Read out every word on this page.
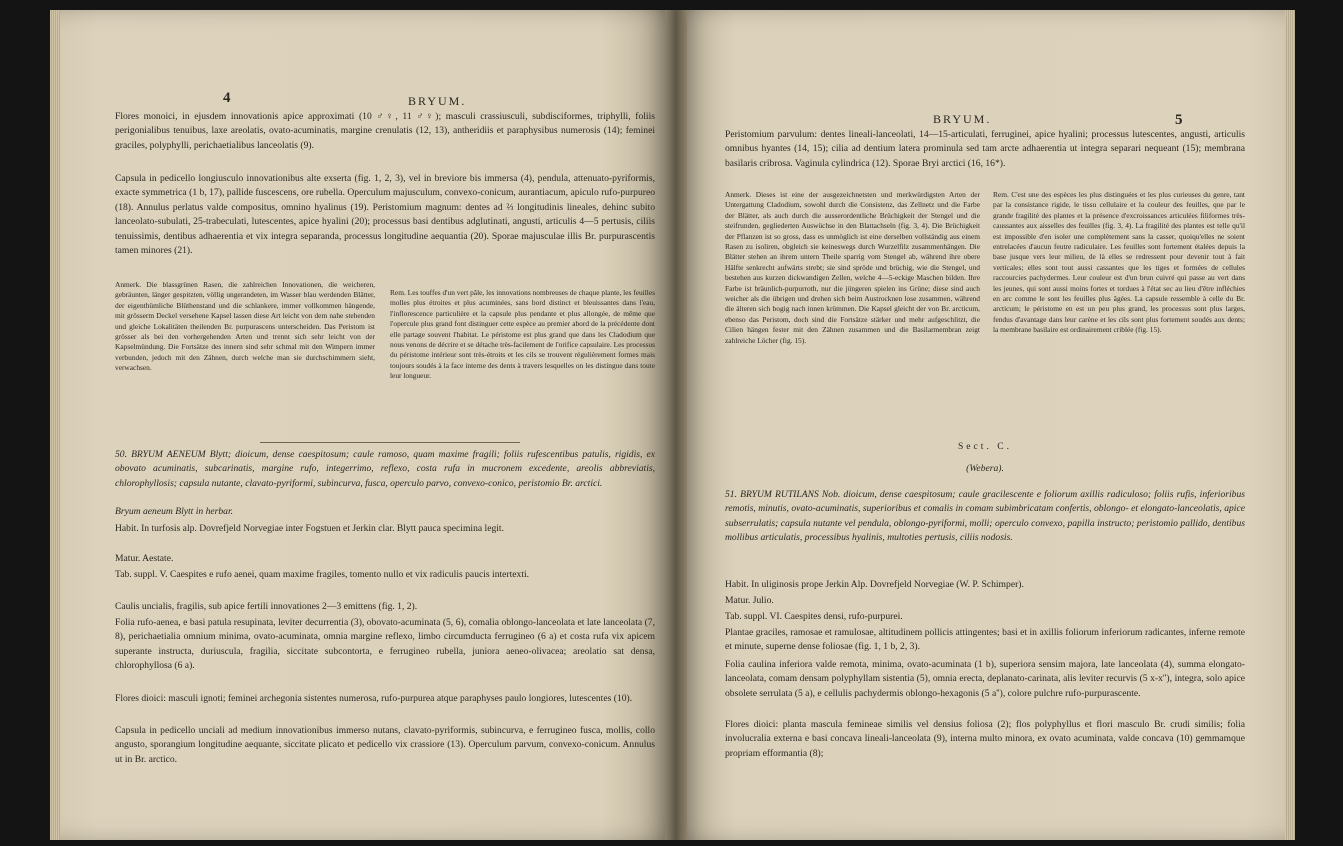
4	BRYUM.
Flores monoici, in ejusdem innovationis apice approximati (10 ♂♀, 11 ♂♀); masculi crassiusculi, subdisciformes, triphylli, foliis perigonialibus tenuibus, laxe areolatis, ovato-acuminatis, margine crenulatis (12, 13), antheridiis et paraphysibus numerosis (14); feminei graciles, polyphylli, perichaetialibus lanceolatis (9).
Capsula in pedicello longiusculo innovationibus alte exserta (fig. 1, 2, 3), vel in breviore bis immersa (4), pendula, attenuato-pyriformis, exacte symmetrica (1 b, 17), pallide fuscescens, ore rubella. Operculum majusculum, convexo-conicum, aurantiacum, apiculo rufo-purpureo (18). Annulus perlatus valde compositus, omnino hyalinus (19). Peristomium magnum: dentes ad ⅔ longitudinis lineales, dehinc subito lanceolato-subulati, 25-trabeculati, lutescentes, apice hyalini (20); processus basi dentibus adglutinati, angusti, articulis 4—5 pertusis, ciliis tenuissimis, dentibus adhaerentia et vix integra separanda, processus longitudine aequantia (20). Sporae majusculae illis Br. purpurascentis tamen minores (21).
Anmerk. Die blassgrünen Rasen, die zahlreichen Innovationen, die weicheren, gebräunten, länger gespitzten, völlig ungerandeten, im Wasser blau werdenden Blätter, der eigenthümliche Blüthenstand und die schlankere, immer vollkommen hängende, mit grösserm Deckel versehene Kapsel lassen diese Art leicht von dem nahe stehenden und gleiche Lokalitäten theilenden Br. purpurascens unterscheiden. Das Peristom ist grösser als bei den vorhergehenden Arten und trennt sich sehr leicht von der Kapselmündung. Die Fortsätze des innern sind sehr schmal mit den Wimpern immer verbunden, jedoch mit den Zähnen, durch welche man sie durchschimmern sieht, verwachsen.
Rem. Les touffes d'un vert pâle, les innovations nombreuses de chaque plante, les feuilles molles plus étroites et plus acuminées, sans bord distinct et bleuissantes dans l'eau, l'inflorescence particulière et la capsule plus pendante et plus allongée, de même que l'opercule plus grand font distinguer cette espèce au premier abord de la précédente dont elle partage souvent l'habitat. Le péristome est plus grand que dans les Cladodium que nous venons de décrire et se détache très-facilement de l'orifice capsulaire. Les processus du péristome intérieur sont très-étroits et les cils se trouvent régulièrement formes mais toujours soudés à la face interne des dents à travers lesquelles on les distingue dans toute leur longueur.
50. BRYUM AENEUM Blytt; dioicum, dense caespitosum; caule ramoso, quam maxime fragili; foliis rufescentibus patulis, rigidis, ex obovato acuminatis, subcarinatis, margine rufo, integerrimo, reflexo, costa rufa in mucronem excedente, areolis abbreviatis, chlorophyllosis; capsula nutante, clavato-pyriformi, subincurva, fusca, operculo parvo, convexo-conico, peristomio Br. arctici.
Bryum aeneum Blytt in herbar.
Habit. In turfosis alp. Dovrefjeld Norvegiae inter Fogstuen et Jerkin clar. Blytt pauca specimina legit.
Matur. Aestate.
Tab. suppl. V. Caespites e rufo aenei, quam maxime fragiles, tomento nullo et vix radiculis paucis intertexti.
Caulis uncialis, fragilis, sub apice fertili innovationes 2—3 emittens (fig. 1, 2).
Folia rufo-aenea, e basi patula resupinata, leviter decurrentia (3), obovato-acuminata (5, 6), comalia oblongo-lanceolata et late lanceolata (7, 8), perichaetialia omnium minima, ovato-acuminata, omnia margine reflexo, limbo circumducta ferrugineo (6 a) et costa rufa vix apicem superante instructa, duriuscula, fragilia, siccitate subcontorta, e ferrugineo rubella, juniora aeneo-olivacea; areolatio sat densa, chlorophyllosa (6 a).
Flores dioici: masculi ignoti; feminei archegonia sistentes numerosa, rufo-purpurea atque paraphyses paulo longiores, lutescentes (10).
Capsula in pedicello unciali ad medium innovationibus immerso nutans, clavato-pyriformis, subincurva, e ferrugineo fusca, mollis, collo angusto, sporangium longitudine aequante, siccitate plicato et pedicello vix crassiore (13). Operculum parvum, convexo-conicum. Annulus ut in Br. arctico.
BRYUM.	5
Peristomium parvulum: dentes lineali-lanceolati, 14—15-articulati, ferruginei, apice hyalini; processus lutescentes, angusti, articulis omnibus hyantes (14, 15); cilia ad dentium latera prominula sed tam arcte adhaerentia ut integra separari nequeant (15); membrana basilaris cribrosa. Vaginula cylindrica (12). Sporae Bryi arctici (16, 16*).
Anmerk. Dieses ist eine der ausgezeichnetsten und merkwürdigsten Arten der Untergattung Cladodium, sowohl durch die Consistenz, das Zellnetz und die Farbe der Blätter, als auch durch die ausserordentliche Brüchigkeit der Stengel und die steifrunden, gegliederten Auswüchse in den Blattachseln (fig. 3, 4). Die Brüchigkeit der Pflanzen ist so gross, dass es unmöglich ist eine derselben vollständig aus einem Rasen zu isoliren, obgleich sie keineswegs durch Wurzelfilz zusammenhängen. Die Blätter stehen an ihrem untern Theile sparrig vom Stengel ab, während ihre obere Hälfte senkrecht aufwärts strebt; sie sind spröde und brüchig, wie die Stengel, und bestehen aus kurzen dickwandigen Zellen, welche 4—5-eckige Maschen bilden. Ihre Farbe ist bräunlich-purpurroth, nur die jüngeren spielen ins Grüne; diese sind auch weicher als die übrigen und drehen sich beim Austrocknen lose zusammen, während die älteren sich bogig nach innen krümmen. Die Kapsel gleicht der von Br. arcticum, ebenso das Peristom, doch sind die Fortsätze stärker und mehr aufgeschlitzt, die Cilien hängen fester mit den Zähnen zusammen und die Basilarmembran zeigt zahlreiche Löcher (fig. 15).
Rem. C'est une des espèces les plus distinguées et les plus curieuses du genre, tant par la consistance rigide, le tissu cellulaire et la couleur des feuilles, que par le grande fragilité des plantes et la présence d'excroissances articulées filiformes très-caussantes aux aisselles des feuilles (fig. 3, 4). La fragilité des plantes est telle qu'il est impossible d'en isoler une complètement sans la casser, quoiqu'elles ne soient entrelacées d'aucun feutre radiculaire. Les feuilles sont fortement étalées depuis la base jusque vers leur milieu, de là elles se redressent pour devenir tout à fait verticales; elles sont tout aussi cassantes que les tiges et formées de cellules raccourcies pachydermes. Leur couleur est d'un brun cuivré qui passe au vert dans les jeunes, qui sont aussi moins fortes et tordues à l'état sec au lieu d'être infléchies en arc comme le sont les feuilles plus âgées. La capsule ressemble à celle du Br. arcticum; le péristome en est un peu plus grand, les processus sont plus larges, fendus d'avantage dans leur carène et les cils sont plus fortement soudés aux dents; la membrane basilaire est ordinairement criblée (fig. 15).
Sect. C.
(Webera).
51. BRYUM RUTILANS Nob. dioicum, dense caespitosum; caule gracilescente e foliorum axillis radiculoso; foliis rufis, inferioribus remotis, minutis, ovato-acuminatis, superioribus et comalis in comam subimbricatam confertis, oblongo- et elongato-lanceolatis, apice subserrulatis; capsula nutante vel pendula, oblongo-pyriformi, molli; operculo convexo, papilla instructo; peristomio pallido, dentibus mollibus articulatis, processibus hyalinis, multoties pertusis, ciliis nodosis.
Habit. In uliginosis prope Jerkin Alp. Dovrefjeld Norvegiae (W. P. Schimper).
Matur. Julio.
Tab. suppl. VI. Caespites densi, rufo-purpurei.
Plantae graciles, ramosae et ramulosae, altitudinem pollicis attingentes; basi et in axillis foliorum inferiorum radicantes, inferne remote et minute, superne dense foliosae (fig. 1, 1 b, 2, 3).
Folia caulina inferiora valde remota, minima, ovato-acuminata (1 b), superiora sensim majora, late lanceolata (4), summa elongato-lanceolata, comam densam polyphyllam sistentia (5), omnia erecta, deplanato-carinata, alis leviter recurvis (5 x-x''), integra, solo apice obsolete serrulata (5 a), e cellulis pachydermis oblongo-hexagonis (5 a''), colore pulchre rufo-purpurascente.
Flores dioici: planta mascula femineae similis vel densius foliosa (2); flos polyphyllus et flori masculo Br. crudi similis; folia involucralia externa e basi concava lineali-lanceolata (9), interna multo minora, ex ovato acuminata, valde concava (10) gemmamque propriam efformantia (8);
